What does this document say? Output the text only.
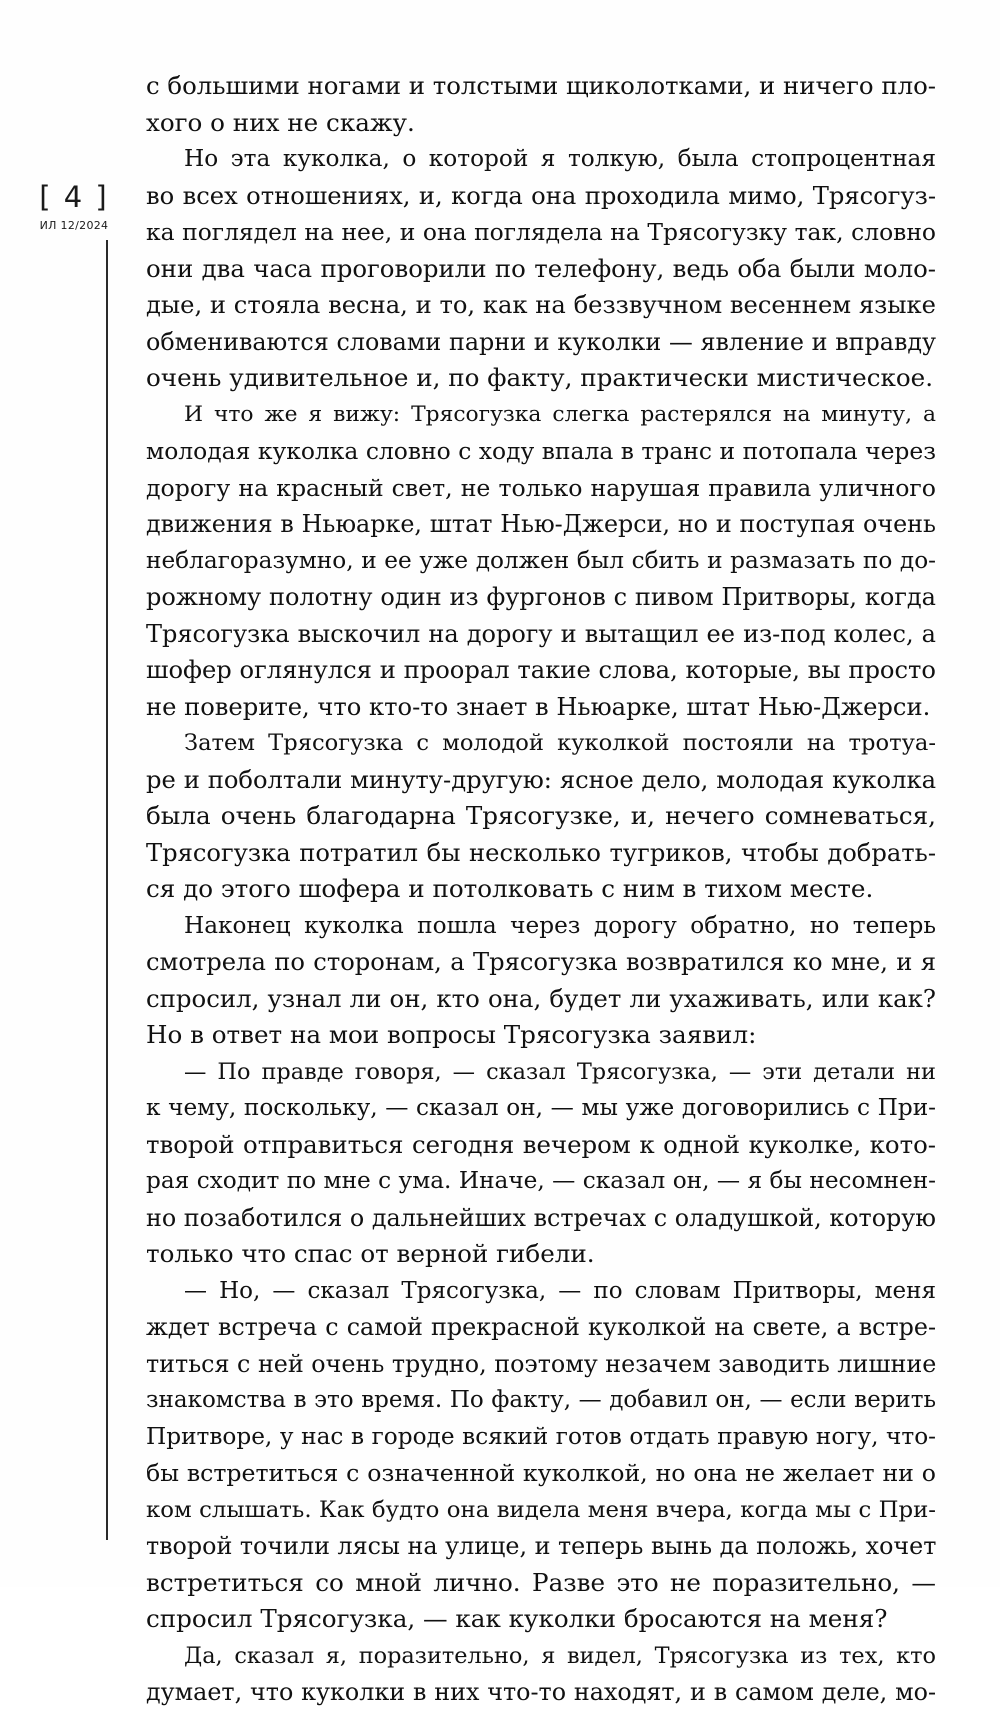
[ 4 ]
ИЛ 12/2024
с большими ногами и толстыми щиколотками, и ничего пло-
хого о них не скажу.
Но эта куколка, о которой я толкую, была стопроцентная
во всех отношениях, и, когда она проходила мимо, Трясогуз-
ка поглядел на нее, и она поглядела на Трясогузку так, словно
они два часа проговорили по телефону, ведь оба были моло-
дые, и стояла весна, и то, как на беззвучном весеннем языке
обмениваются словами парни и куколки — явление и вправду
очень удивительное и, по факту, практически мистическое.
И что же я вижу: Трясогузка слегка растерялся на минуту, а
молодая куколка словно с ходу впала в транс и потопала через
дорогу на красный свет, не только нарушая правила уличного
движения в Ньюарке, штат Нью-Джерси, но и поступая очень
неблагоразумно, и ее уже должен был сбить и размазать по до-
рожному полотну один из фургонов с пивом Притворы, когда
Трясогузка выскочил на дорогу и вытащил ее из-под колес, а
шофер оглянулся и проорал такие слова, которые, вы просто
не поверите, что кто-то знает в Ньюарке, штат Нью-Джерси.
Затем Трясогузка с молодой куколкой постояли на тротуа-
ре и поболтали минуту-другую: ясное дело, молодая куколка
была очень благодарна Трясогузке, и, нечего сомневаться,
Трясогузка потратил бы несколько тугриков, чтобы добрать-
ся до этого шофера и потолковать с ним в тихом месте.
Наконец куколка пошла через дорогу обратно, но теперь
смотрела по сторонам, а Трясогузка возвратился ко мне, и я
спросил, узнал ли он, кто она, будет ли ухаживать, или как?
Но в ответ на мои вопросы Трясогузка заявил:
— По правде говоря, — сказал Трясогузка, — эти детали ни
к чему, поскольку, — сказал он, — мы уже договорились с При-
творой отправиться сегодня вечером к одной куколке, кото-
рая сходит по мне с ума. Иначе, — сказал он, — я бы несомнен-
но позаботился о дальнейших встречах с оладушкой, которую
только что спас от верной гибели.
— Но, — сказал Трясогузка, — по словам Притворы, меня
ждет встреча с самой прекрасной куколкой на свете, а встре-
титься с ней очень трудно, поэтому незачем заводить лишние
знакомства в это время. По факту, — добавил он, — если верить
Притворе, у нас в городе всякий готов отдать правую ногу, что-
бы встретиться с означенной куколкой, но она не желает ни о
ком слышать. Как будто она видела меня вчера, когда мы с При-
творой точили лясы на улице, и теперь вынь да положь, хочет
встретиться со мной лично. Разве это не поразительно, —
спросил Трясогузка, — как куколки бросаются на меня?
Да, сказал я, поразительно, я видел, Трясогузка из тех, кто
думает, что куколки в них что-то находят, и в самом деле, мо-
